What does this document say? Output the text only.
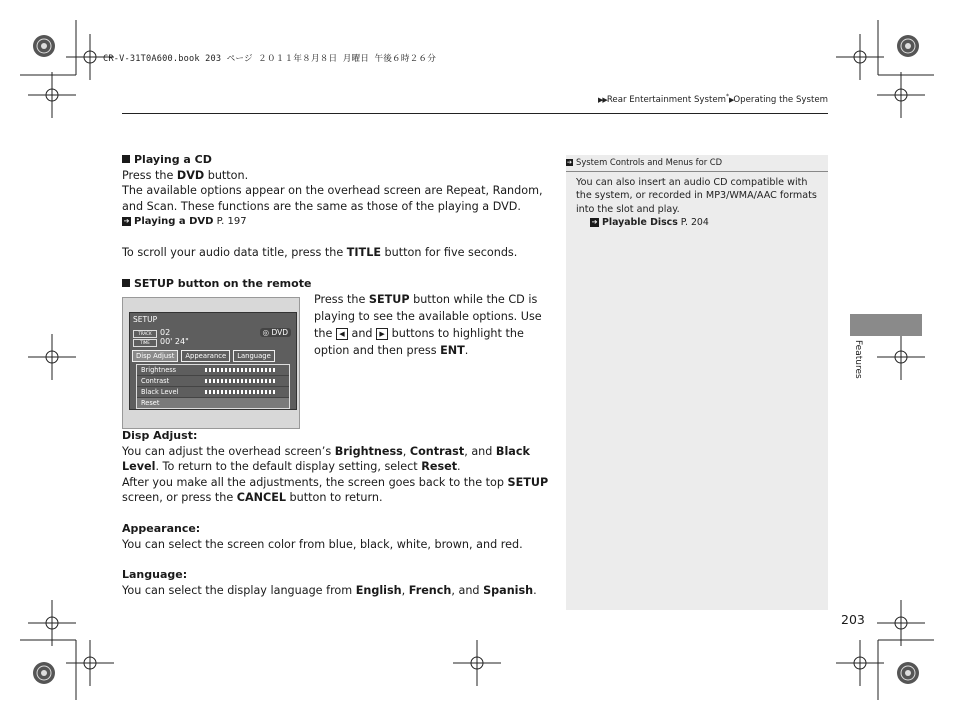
CR-V-31T0A600.book 203 ページ ２０１１年８月８日 月曜日 午後６時２６分
▶▶Rear Entertainment System*▶Operating the System

Playing a CD

Press the DVD button.

The available options appear on the overhead screen are Repeat, Random, and Scan. These functions are the same as those of the playing a DVD.

➔ Playing a DVD P. 197

To scroll your audio data title, press the TITLE button for five seconds.

SETUP button on the remote

Press the SETUP button while the CD is playing to see the available options. Use the ◀ and ▶ buttons to highlight the option and then press ENT.

SETUP
TRACK
TIME
02
00' 24"
◎ DVD
Disp Adjust	Appearance	Language
Brightness
Contrast
Black Level
Reset

Disp Adjust:

You can adjust the overhead screen’s Brightness, Contrast, and Black Level. To return to the default display setting, select Reset.

After you make all the adjustments, the screen goes back to the top SETUP screen, or press the CANCEL button to return.

Appearance:

You can select the screen color from blue, black, white, brown, and red.

Language:

You can select the display language from English, French, and Spanish.

➔ System Controls and Menus for CD
You can also insert an audio CD compatible with the system, or recorded in MP3/WMA/AAC formats into the slot and play.
➔ Playable Discs P. 204
Features
203
